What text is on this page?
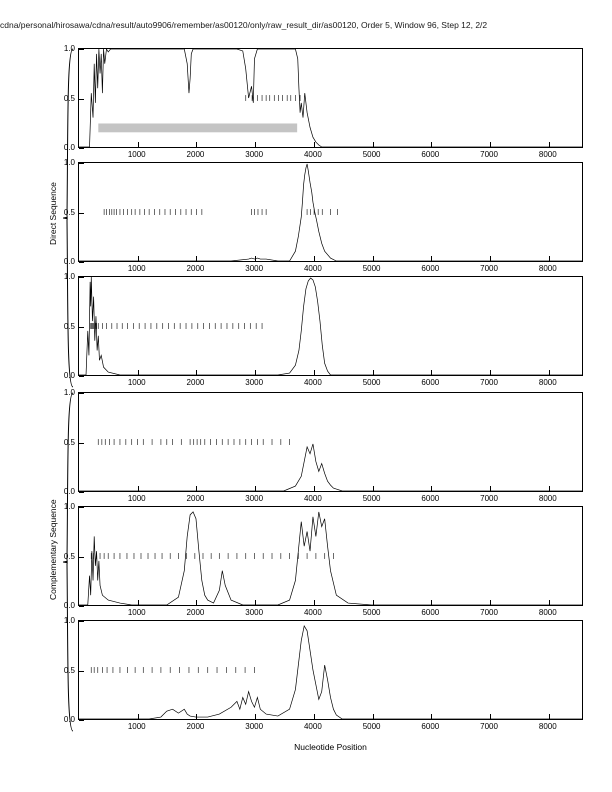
cdna/personal/hirosawa/cdna/result/auto9906/remember/as00120/only/raw_result_dir/as00120, Order 5, Window 96, Step 12, 2/2
Direct Sequence
Complementary Sequence
0.0
0.5
1.0
1000	2000	3000	4000	5000	6000	7000	8000
0.0
0.5
1.0
1000	2000	3000	4000	5000	6000	7000	8000
0.0
0.5
1.0
1000	2000	3000	4000	5000	6000	7000	8000
0.0
0.5
1.0
1000	2000	3000	4000	5000	6000	7000	8000
0.0
0.5
1.0
1000	2000	3000	4000	5000	6000	7000	8000
0.0
0.5
1.0
1000	2000	3000	4000	5000	6000	7000	8000
Nucleotide Position
